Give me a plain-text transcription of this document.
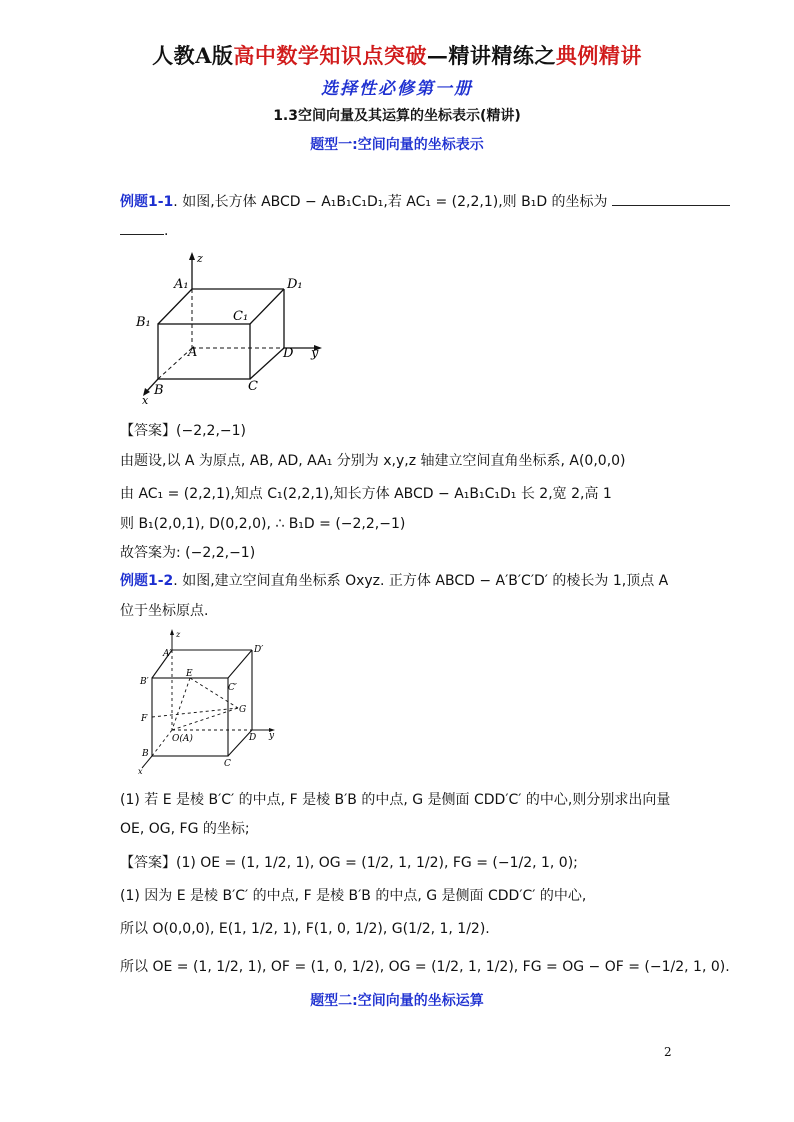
人教A版高中数学知识点突破—精讲精练之典例精讲
选择性必修第一册
1.3空间向量及其运算的坐标表示(精讲)
题型一:空间向量的坐标表示
例题1-1. 如图,长方体 ABCD − A₁B₁C₁D₁,若 AC₁ = (2,2,1),则 B₁D 的坐标为
.
z
y
x
A₁	D₁
B₁	C₁
A	D
B	C
【答案】(−2,2,−1)
由题设,以 A 为原点, AB, AD, AA₁ 分别为 x,y,z 轴建立空间直角坐标系, A(0,0,0)
由 AC₁ = (2,2,1),知点 C₁(2,2,1),知长方体 ABCD − A₁B₁C₁D₁ 长 2,宽 2,高 1
则 B₁(2,0,1), D(0,2,0), ∴ B₁D = (−2,2,−1)
故答案为: (−2,2,−1)
例题1-2. 如图,建立空间直角坐标系 Oxyz. 正方体 ABCD − A′B′C′D′ 的棱长为 1,顶点 A
位于坐标原点.
z
y
x
A′	D′
B′
C′
E
F
G
O(A)	D
B
C
(1) 若 E 是棱 B′C′ 的中点, F 是棱 B′B 的中点, G 是侧面 CDD′C′ 的中心,则分别求出向量
OE, OG, FG 的坐标;
【答案】(1) OE = (1, 1/2, 1), OG = (1/2, 1, 1/2), FG = (−1/2, 1, 0);
(1) 因为 E 是棱 B′C′ 的中点, F 是棱 B′B 的中点, G 是侧面 CDD′C′ 的中心,
所以 O(0,0,0), E(1, 1/2, 1), F(1, 0, 1/2), G(1/2, 1, 1/2).
所以 OE = (1, 1/2, 1), OF = (1, 0, 1/2), OG = (1/2, 1, 1/2), FG = OG − OF = (−1/2, 1, 0).
题型二:空间向量的坐标运算
2
